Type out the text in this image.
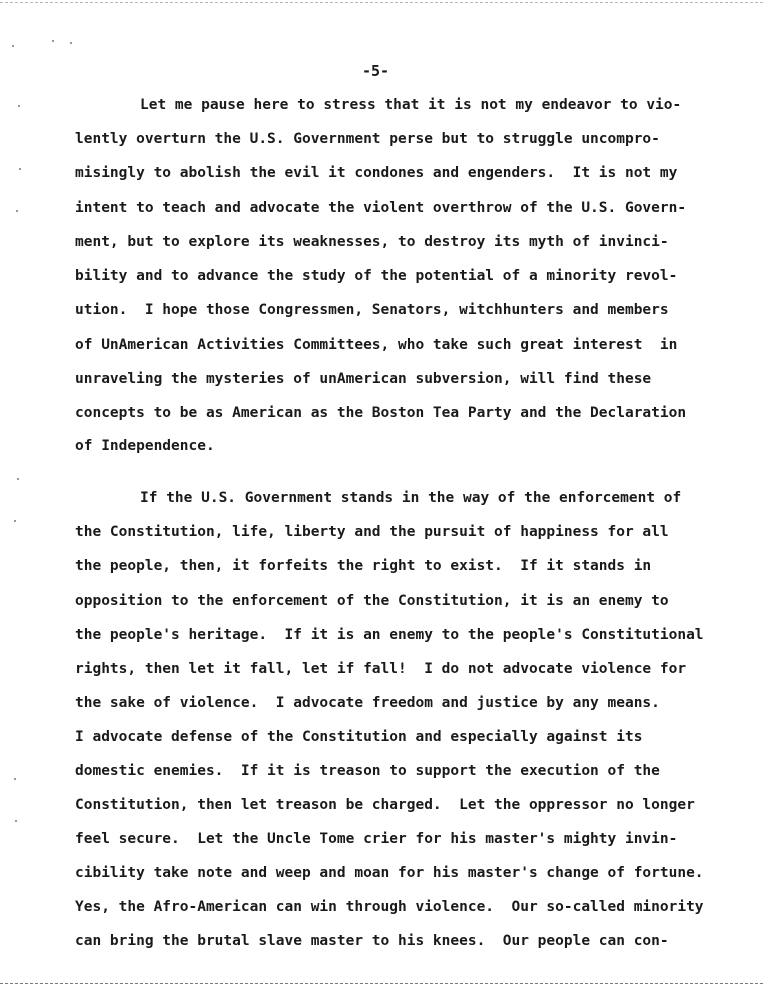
-5-
Let me pause here to stress that it is not my endeavor to vio-
lently overturn the U.S. Government perse but to struggle uncompro-
misingly to abolish the evil it condones and engenders.  It is not my
intent to teach and advocate the violent overthrow of the U.S. Govern-
ment, but to explore its weaknesses, to destroy its myth of invinci-
bility and to advance the study of the potential of a minority revol-
ution.  I hope those Congressmen, Senators, witchhunters and members
of UnAmerican Activities Committees, who take such great interest  in
unraveling the mysteries of unAmerican subversion, will find these
concepts to be as American as the Boston Tea Party and the Declaration
of Independence.
If the U.S. Government stands in the way of the enforcement of
the Constitution, life, liberty and the pursuit of happiness for all
the people, then, it forfeits the right to exist.  If it stands in
opposition to the enforcement of the Constitution, it is an enemy to
the people's heritage.  If it is an enemy to the people's Constitutional
rights, then let it fall, let if fall!  I do not advocate violence for
the sake of violence.  I advocate freedom and justice by any means.
I advocate defense of the Constitution and especially against its
domestic enemies.  If it is treason to support the execution of the
Constitution, then let treason be charged.  Let the oppressor no longer
feel secure.  Let the Uncle Tome crier for his master's mighty invin-
cibility take note and weep and moan for his master's change of fortune.
Yes, the Afro-American can win through violence.  Our so-called minority
can bring the brutal slave master to his knees.  Our people can con-
